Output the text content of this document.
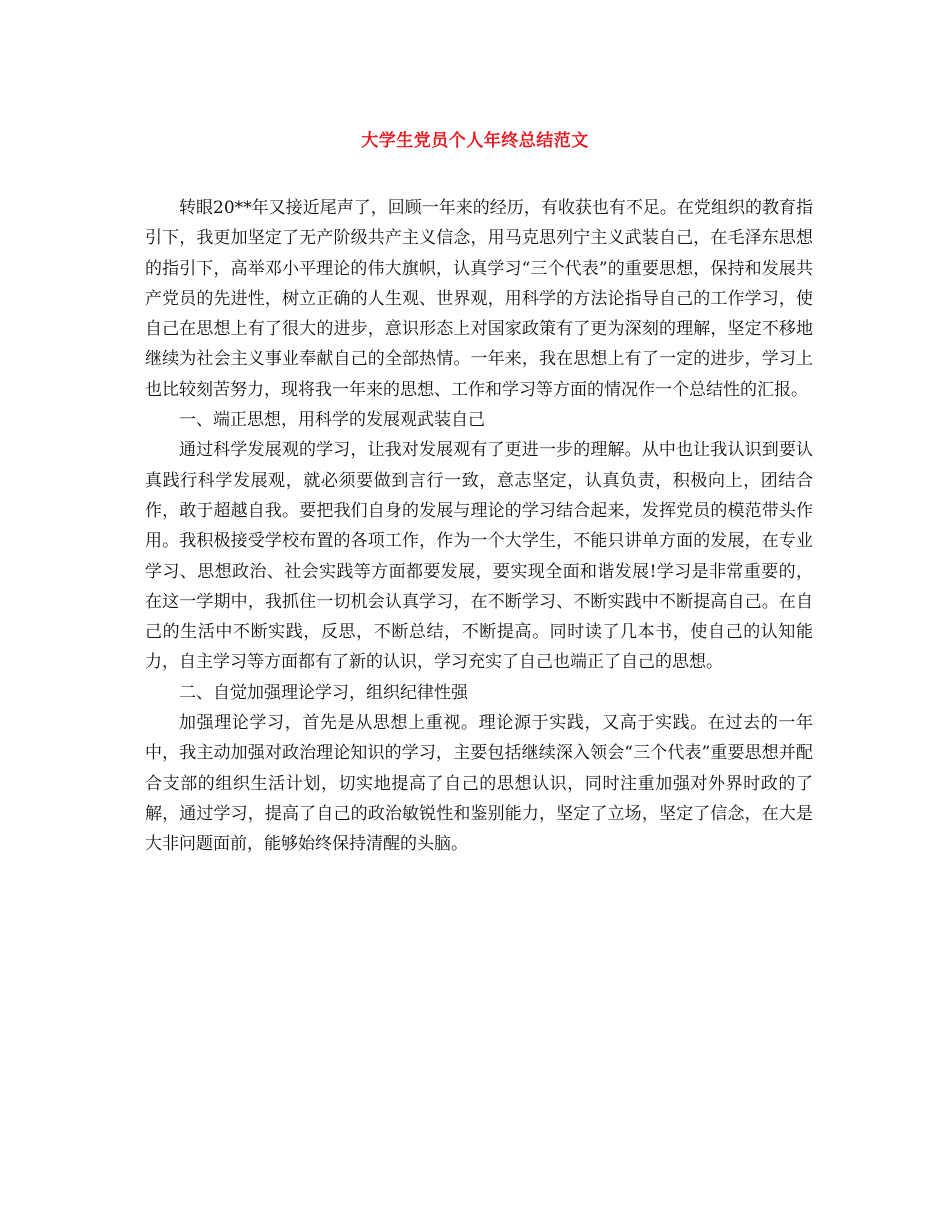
大学生党员个人年终总结范文

转眼20**年又接近尾声了，回顾一年来的经历，有收获也有不足。在党组织的教育指引下，我更加坚定了无产阶级共产主义信念，用马克思列宁主义武装自己，在毛泽东思想的指引下，高举邓小平理论的伟大旗帜，认真学习“三个代表”的重要思想，保持和发展共产党员的先进性，树立正确的人生观、世界观，用科学的方法论指导自己的工作学习，使自己在思想上有了很大的进步，意识形态上对国家政策有了更为深刻的理解，坚定不移地继续为社会主义事业奉献自己的全部热情。一年来，我在思想上有了一定的进步，学习上也比较刻苦努力，现将我一年来的思想、工作和学习等方面的情况作一个总结性的汇报。

一、端正思想，用科学的发展观武装自己

通过科学发展观的学习，让我对发展观有了更进一步的理解。从中也让我认识到要认真践行科学发展观，就必须要做到言行一致，意志坚定，认真负责，积极向上，团结合作，敢于超越自我。要把我们自身的发展与理论的学习结合起来，发挥党员的模范带头作用。我积极接受学校布置的各项工作，作为一个大学生，不能只讲单方面的发展，在专业学习、思想政治、社会实践等方面都要发展，要实现全面和谐发展!学习是非常重要的，在这一学期中，我抓住一切机会认真学习，在不断学习、不断实践中不断提高自己。在自己的生活中不断实践，反思，不断总结，不断提高。同时读了几本书，使自己的认知能力，自主学习等方面都有了新的认识，学习充实了自己也端正了自己的思想。

二、自觉加强理论学习，组织纪律性强

加强理论学习，首先是从思想上重视。理论源于实践，又高于实践。在过去的一年中，我主动加强对政治理论知识的学习，主要包括继续深入领会“三个代表”重要思想并配合支部的组织生活计划，切实地提高了自己的思想认识，同时注重加强对外界时政的了解，通过学习，提高了自己的政治敏锐性和鉴别能力，坚定了立场，坚定了信念，在大是大非问题面前，能够始终保持清醒的头脑。
